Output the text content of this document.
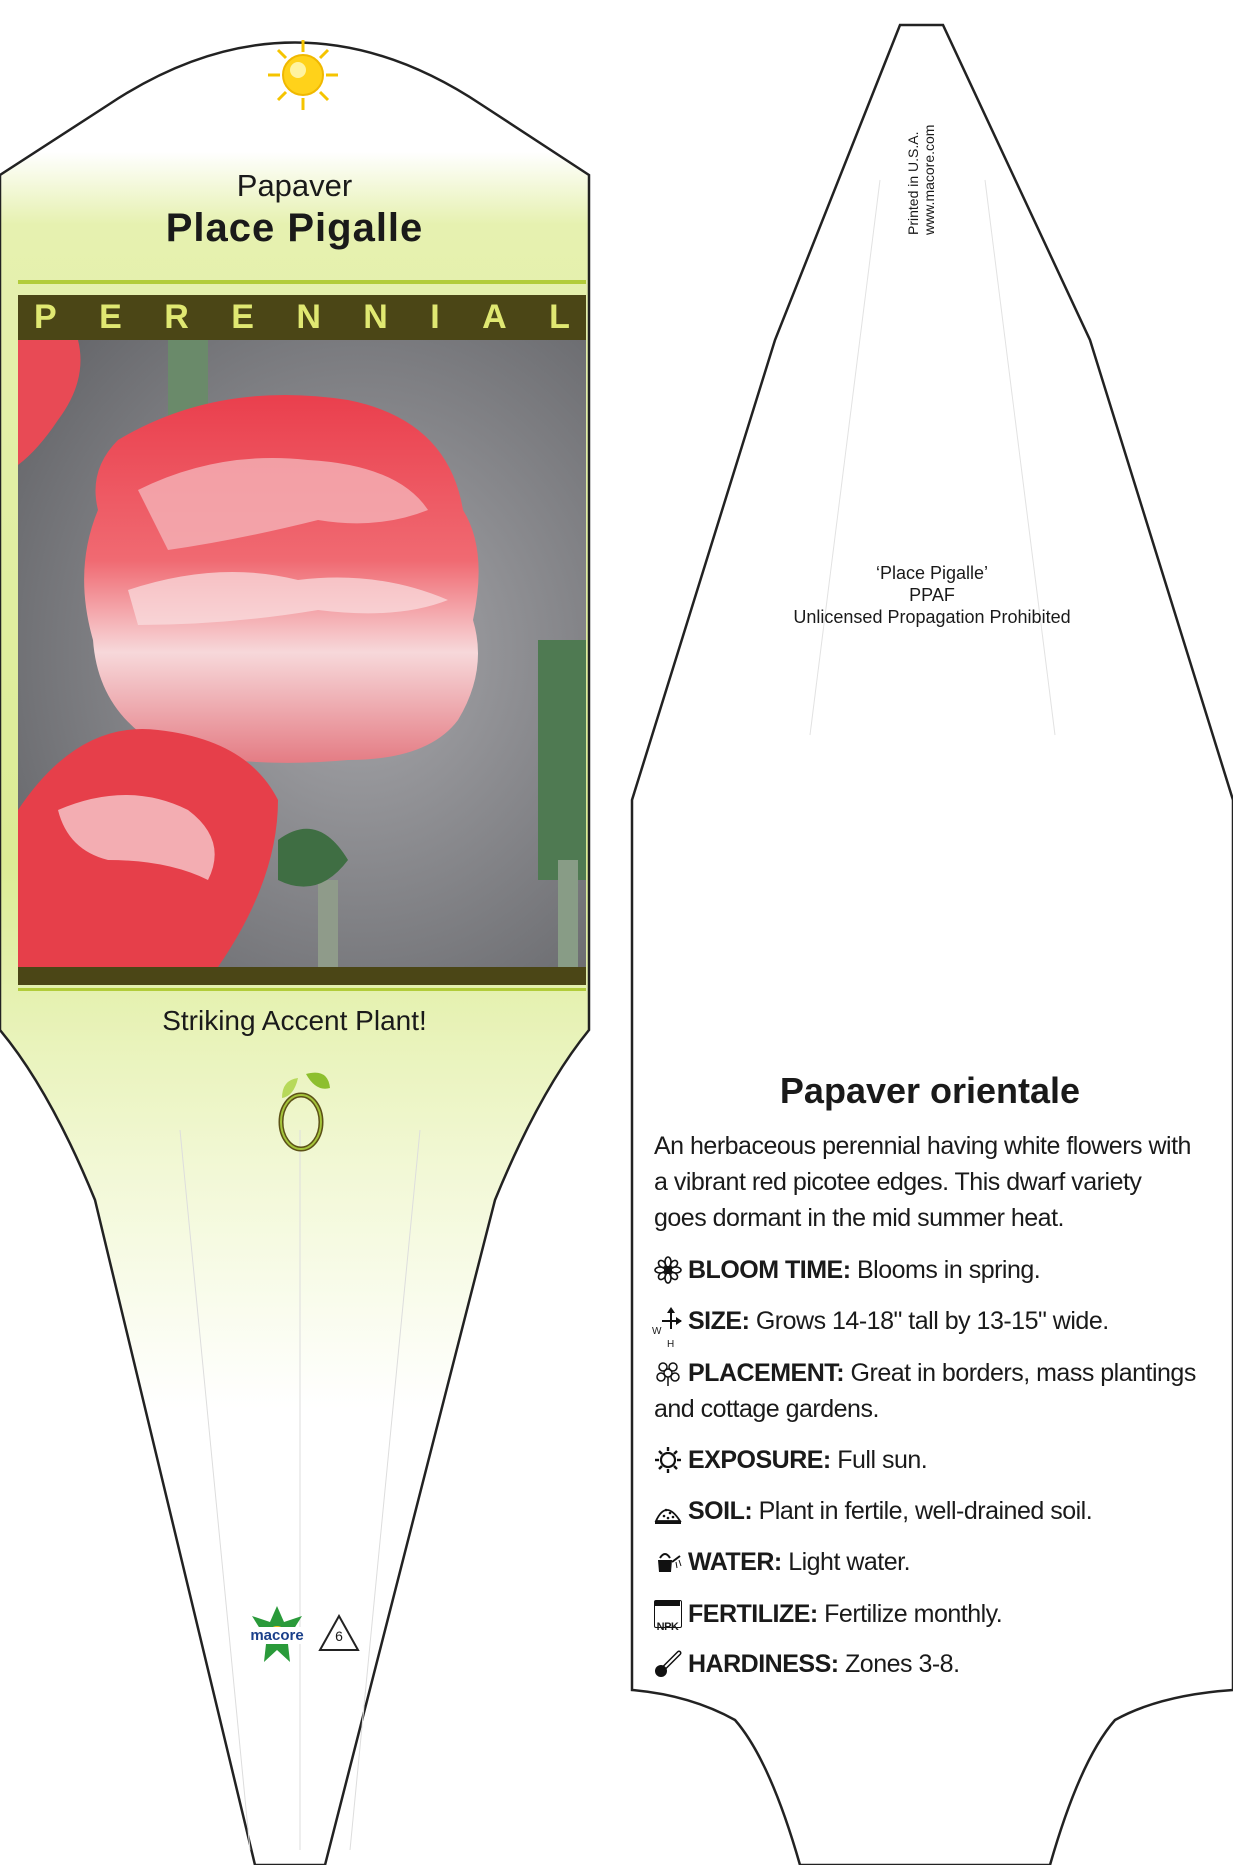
Papaver
Place Pigalle
P E R E N N I A L
Striking Accent Plant!
macore	6
Printed in U.S.A. www.macore.com
‘Place Pigalle’
PPAF
Unlicensed Propagation Prohibited
Papaver orientale
An herbaceous perennial having white flowers with a vibrant red picotee edges. This dwarf variety goes dormant in the mid summer heat.
BLOOM TIME: Blooms in spring.
W
H
SIZE: Grows 14-18" tall by 13-15" wide.
PLACEMENT: Great in borders, mass plantings and cottage gardens.
EXPOSURE: Full sun.
SOIL: Plant in fertile, well-drained soil.
WATER: Light water.
NPK FERTILIZE: Fertilize monthly.
HARDINESS: Zones 3-8.
